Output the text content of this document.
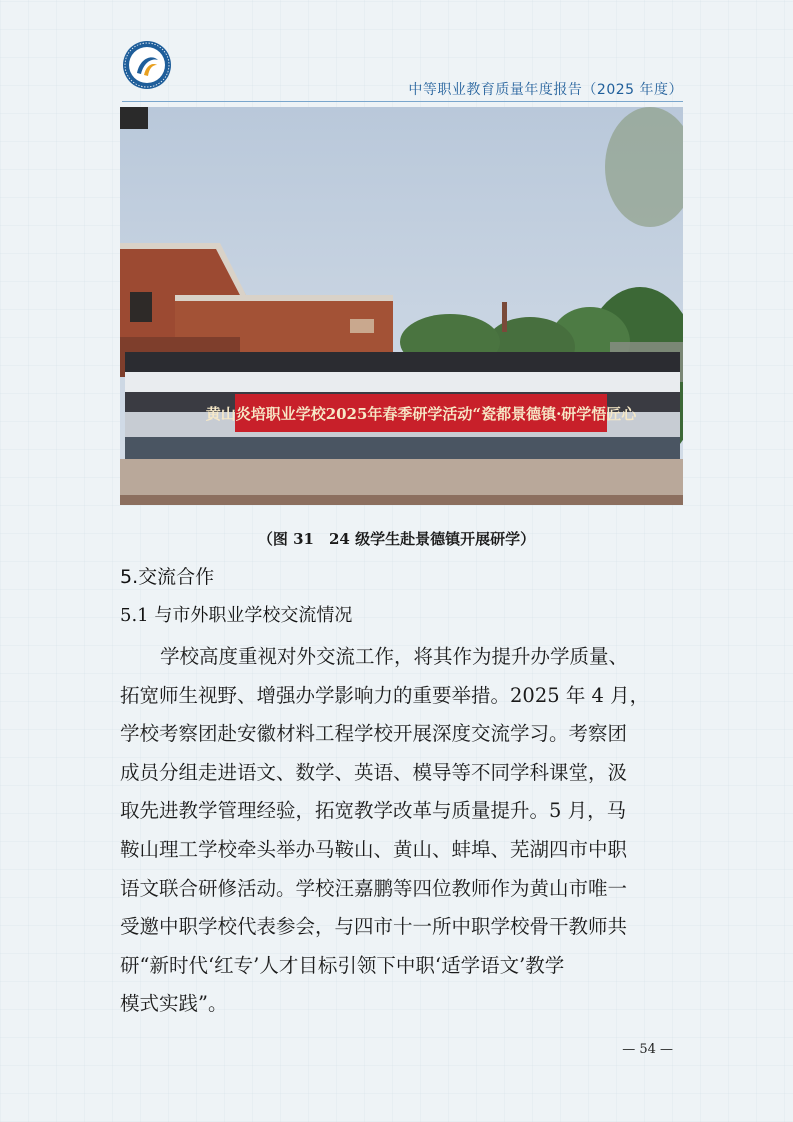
中等职业教育质量年度报告（2025 年度）
黄山炎培职业学校2025年春季研学活动“瓷都景德镇·研学悟匠心
（图 31　24 级学生赴景德镇开展研学）
5.交流合作
5.1 与市外职业学校交流情况
学校高度重视对外交流工作，将其作为提升办学质量、
拓宽师生视野、增强办学影响力的重要举措。2025 年 4 月，
学校考察团赴安徽材料工程学校开展深度交流学习。考察团
成员分组走进语文、数学、英语、模导等不同学科课堂，汲
取先进教学管理经验，拓宽教学改革与质量提升。5 月，马
鞍山理工学校牵头举办马鞍山、黄山、蚌埠、芜湖四市中职
语文联合研修活动。学校汪嘉鹏等四位教师作为黄山市唯一
受邀中职学校代表参会，与四市十一所中职学校骨干教师共
研“新时代‘红专’人才目标引领下中职‘适学语文’教学
模式实践”。
— 54 —
